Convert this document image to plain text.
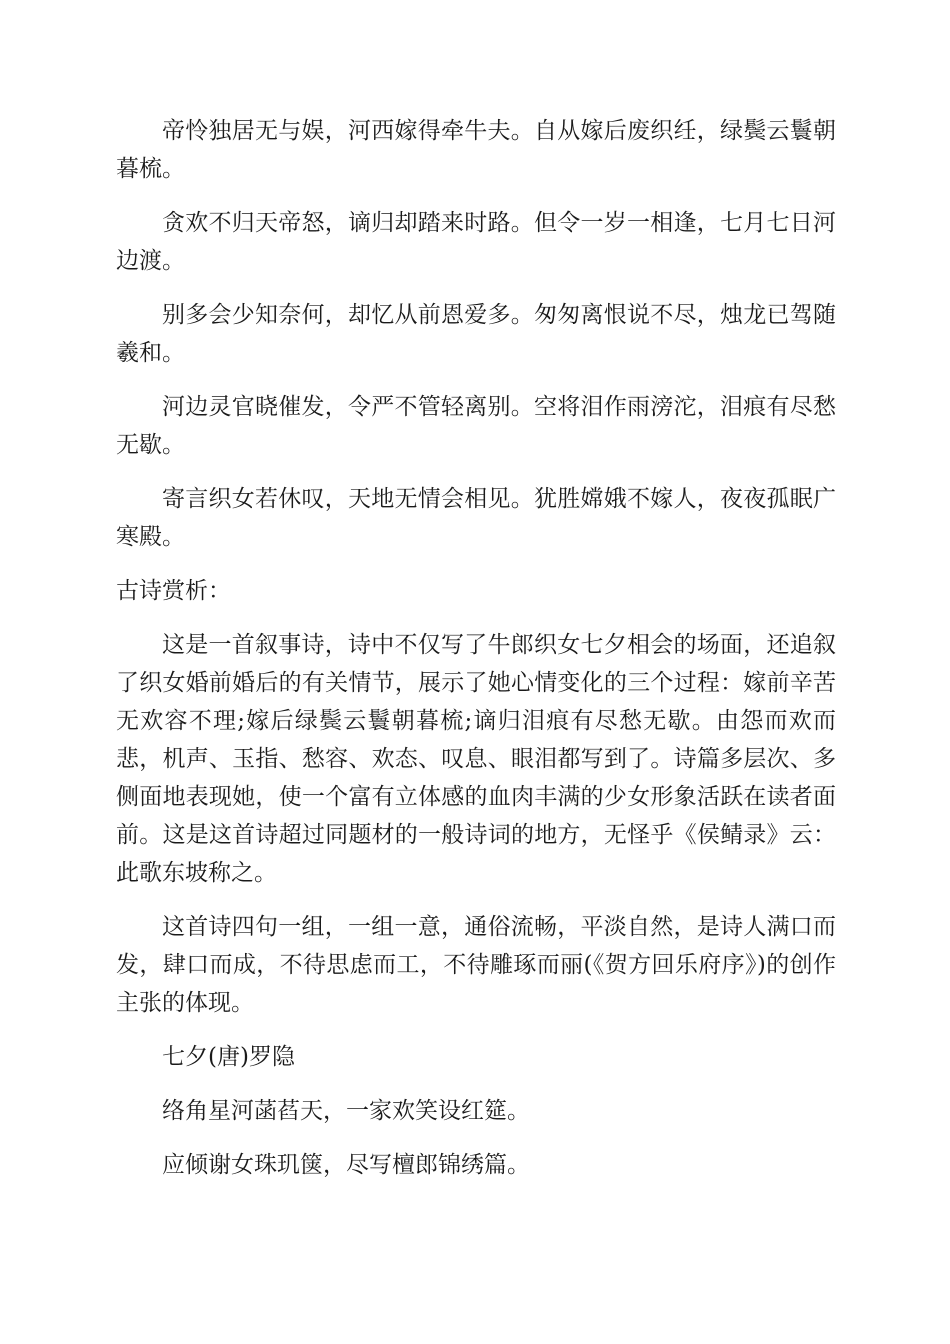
帝怜独居无与娱，河西嫁得牵牛夫。自从嫁后废织纴，绿鬓云鬟朝暮梳。

贪欢不归天帝怒，谪归却踏来时路。但令一岁一相逢，七月七日河边渡。

别多会少知奈何，却忆从前恩爱多。匆匆离恨说不尽，烛龙已驾随羲和。

河边灵官晓催发，令严不管轻离别。空将泪作雨滂沱，泪痕有尽愁无歇。

寄言织女若休叹，天地无情会相见。犹胜嫦娥不嫁人，夜夜孤眠广寒殿。

古诗赏析：

这是一首叙事诗，诗中不仅写了牛郎织女七夕相会的场面，还追叙了织女婚前婚后的有关情节，展示了她心情变化的三个过程：嫁前辛苦无欢容不理;嫁后绿鬓云鬟朝暮梳;谪归泪痕有尽愁无歇。由怨而欢而悲，机声、玉指、愁容、欢态、叹息、眼泪都写到了。诗篇多层次、多侧面地表现她，使一个富有立体感的血肉丰满的少女形象活跃在读者面前。这是这首诗超过同题材的一般诗词的地方，无怪乎《侯鲭录》云：此歌东坡称之。

这首诗四句一组，一组一意，通俗流畅，平淡自然，是诗人满口而发，肆口而成，不待思虑而工，不待雕琢而丽(《贺方回乐府序》)的创作主张的体现。

七夕(唐)罗隐

络角星河菡萏天，一家欢笑设红筵。

应倾谢女珠玑箧，尽写檀郎锦绣篇。
